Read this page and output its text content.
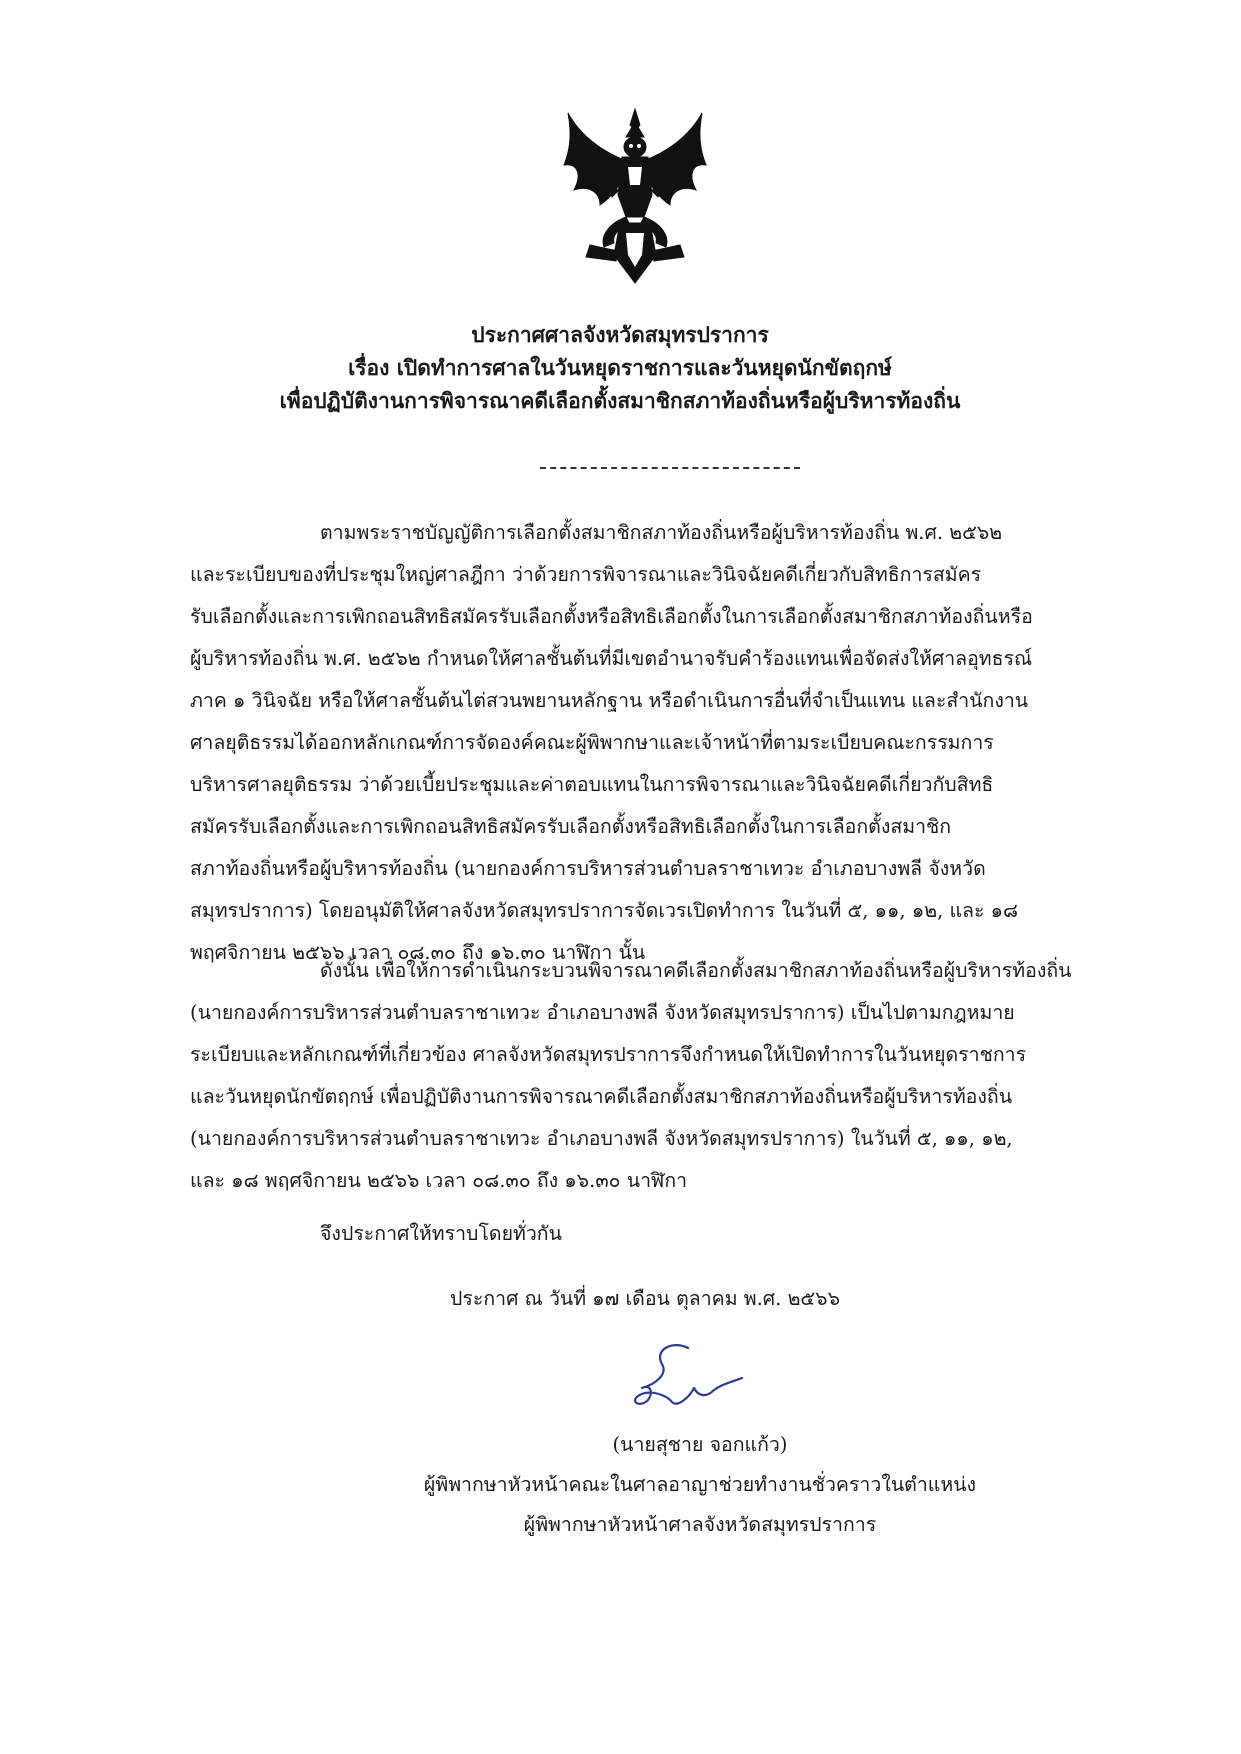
ประกาศศาลจังหวัดสมุทรปราการ
เรื่อง เปิดทำการศาลในวันหยุดราชการและวันหยุดนักขัตฤกษ์
เพื่อปฏิบัติงานการพิจารณาคดีเลือกตั้งสมาชิกสภาท้องถิ่นหรือผู้บริหารท้องถิ่น
ตามพระราชบัญญัติการเลือกตั้งสมาชิกสภาท้องถิ่นหรือผู้บริหารท้องถิ่น พ.ศ. ๒๕๖๒
และระเบียบของที่ประชุมใหญ่ศาลฎีกา ว่าด้วยการพิจารณาและวินิจฉัยคดีเกี่ยวกับสิทธิการสมัคร
รับเลือกตั้งและการเพิกถอนสิทธิสมัครรับเลือกตั้งหรือสิทธิเลือกตั้งในการเลือกตั้งสมาชิกสภาท้องถิ่นหรือ
ผู้บริหารท้องถิ่น พ.ศ. ๒๕๖๒ กำหนดให้ศาลชั้นต้นที่มีเขตอำนาจรับคำร้องแทนเพื่อจัดส่งให้ศาลอุทธรณ์
ภาค ๑ วินิจฉัย หรือให้ศาลชั้นต้นไต่สวนพยานหลักฐาน หรือดำเนินการอื่นที่จำเป็นแทน และสำนักงาน
ศาลยุติธรรมได้ออกหลักเกณฑ์การจัดองค์คณะผู้พิพากษาและเจ้าหน้าที่ตามระเบียบคณะกรรมการ
บริหารศาลยุติธรรม ว่าด้วยเบี้ยประชุมและค่าตอบแทนในการพิจารณาและวินิจฉัยคดีเกี่ยวกับสิทธิ
สมัครรับเลือกตั้งและการเพิกถอนสิทธิสมัครรับเลือกตั้งหรือสิทธิเลือกตั้งในการเลือกตั้งสมาชิก
สภาท้องถิ่นหรือผู้บริหารท้องถิ่น (นายกองค์การบริหารส่วนตำบลราชาเทวะ อำเภอบางพลี จังหวัด
สมุทรปราการ) โดยอนุมัติให้ศาลจังหวัดสมุทรปราการจัดเวรเปิดทำการ ในวันที่ ๕, ๑๑, ๑๒, และ ๑๘
พฤศจิกายน ๒๕๖๖ เวลา ๐๘.๓๐ ถึง ๑๖.๓๐ นาฬิกา นั้น
ดังนั้น เพื่อให้การดำเนินกระบวนพิจารณาคดีเลือกตั้งสมาชิกสภาท้องถิ่นหรือผู้บริหารท้องถิ่น
(นายกองค์การบริหารส่วนตำบลราชาเทวะ อำเภอบางพลี จังหวัดสมุทรปราการ) เป็นไปตามกฎหมาย
ระเบียบและหลักเกณฑ์ที่เกี่ยวข้อง ศาลจังหวัดสมุทรปราการจึงกำหนดให้เปิดทำการในวันหยุดราชการ
และวันหยุดนักขัตฤกษ์ เพื่อปฏิบัติงานการพิจารณาคดีเลือกตั้งสมาชิกสภาท้องถิ่นหรือผู้บริหารท้องถิ่น
(นายกองค์การบริหารส่วนตำบลราชาเทวะ อำเภอบางพลี จังหวัดสมุทรปราการ) ในวันที่ ๕, ๑๑, ๑๒,
และ ๑๘ พฤศจิกายน ๒๕๖๖ เวลา ๐๘.๓๐ ถึง ๑๖.๓๐ นาฬิกา
จึงประกาศให้ทราบโดยทั่วกัน
ประกาศ ณ วันที่ ๑๗ เดือน ตุลาคม พ.ศ. ๒๕๖๖
(นายสุชาย จอกแก้ว)
ผู้พิพากษาหัวหน้าคณะในศาลอาญาช่วยทำงานชั่วคราวในตำแหน่ง
ผู้พิพากษาหัวหน้าศาลจังหวัดสมุทรปราการ
